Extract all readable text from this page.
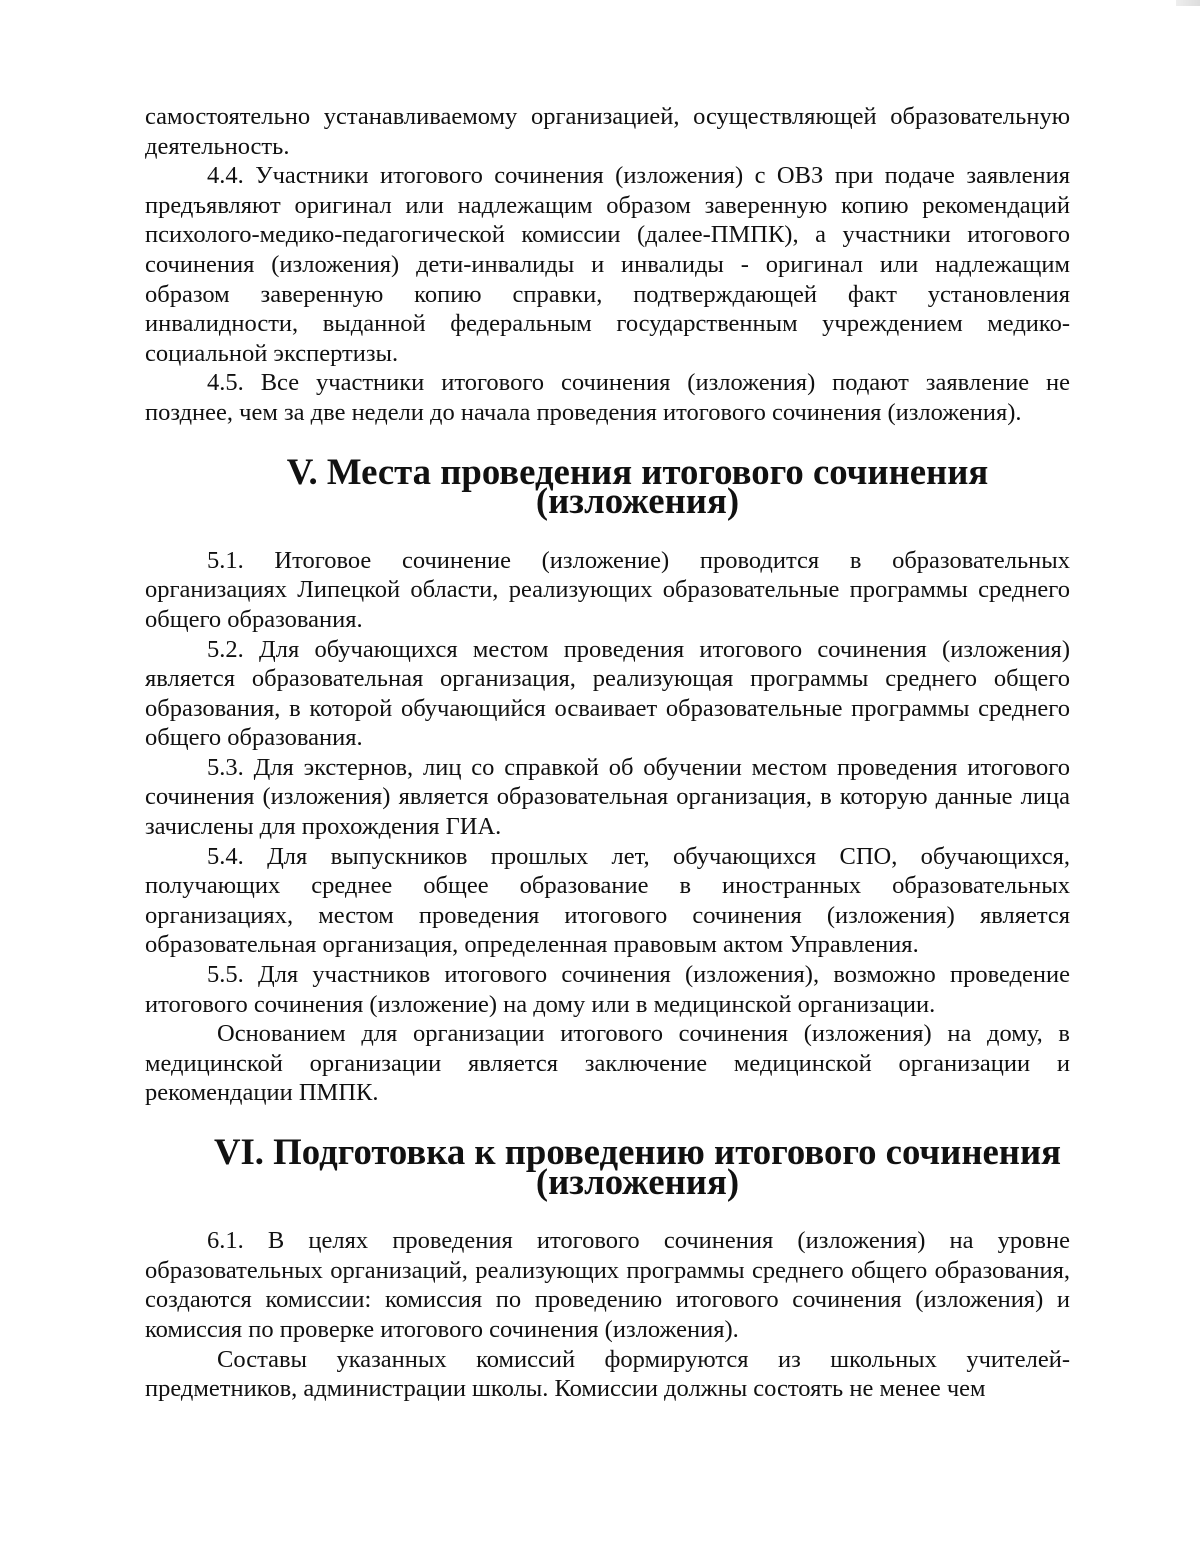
самостоятельно устанавливаемому организацией, осуществляющей образовательную деятельность.

4.4. Участники итогового сочинения (изложения) с ОВЗ при подаче заявления предъявляют оригинал или надлежащим образом заверенную копию рекомендаций психолого-медико-педагогической комиссии (далее-ПМПК), а участники итогового сочинения (изложения) дети-инвалиды и инвалиды - оригинал или надлежащим образом заверенную копию справки, подтверждающей факт установления инвалидности, выданной федеральным государственным учреждением медико-социальной экспертизы.

4.5. Все участники итогового сочинения (изложения) подают заявление не позднее, чем за две недели до начала проведения итогового сочинения (изложения).

V. Места проведения итогового сочинения (изложения)

5.1. Итоговое сочинение (изложение) проводится в образовательных организациях Липецкой области, реализующих образовательные программы среднего общего образования.

5.2. Для обучающихся местом проведения итогового сочинения (изложения) является образовательная организация, реализующая программы среднего общего образования, в которой обучающийся осваивает образовательные программы среднего общего образования.

5.3. Для экстернов, лиц со справкой об обучении местом проведения итогового сочинения (изложения) является образовательная организация, в которую данные лица зачислены для прохождения ГИА.

5.4. Для выпускников прошлых лет, обучающихся СПО, обучающихся, получающих среднее общее образование в иностранных образовательных организациях, местом проведения итогового сочинения (изложения) является образовательная организация, определенная правовым актом Управления.

5.5. Для участников итогового сочинения (изложения), возможно проведение итогового сочинения (изложение) на дому или в медицинской организации.

Основанием для организации итогового сочинения (изложения) на дому, в медицинской организации является заключение медицинской организации и рекомендации ПМПК.

VI. Подготовка к проведению итогового сочинения (изложения)

6.1. В целях проведения итогового сочинения (изложения) на уровне образовательных организаций, реализующих программы среднего общего образования, создаются комиссии: комиссия по проведению итогового сочинения (изложения) и комиссия по проверке итогового сочинения (изложения).

Составы указанных комиссий формируются из школьных учителей-предметников, администрации школы. Комиссии должны состоять не менее чем
